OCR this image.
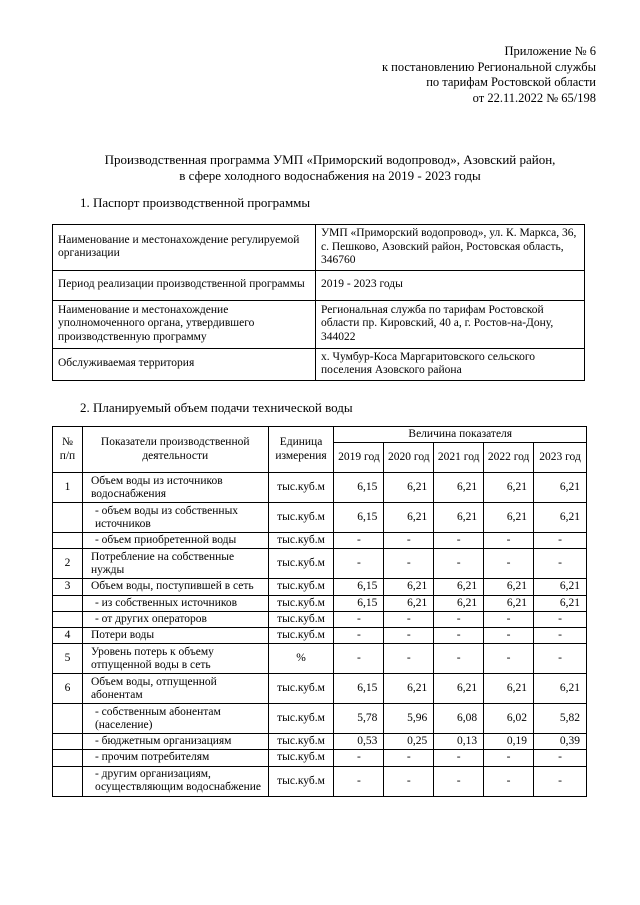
Приложение № 6
к постановлению Региональной службы
по тарифам Ростовской области
от 22.11.2022 № 65/198
Производственная программа УМП «Приморский водопровод», Азовский район,
в сфере холодного водоснабжения на 2019 - 2023 годы
1. Паспорт производственной программы
Наименование и местонахождение регулируемой организации	УМП «Приморский водопровод», ул. К. Маркса, 36, с. Пешково, Азовский район, Ростовская область, 346760
Период реализации производственной программы	2019 - 2023 годы
Наименование и местонахождение уполномоченного органа, утвердившего производственную программу	Региональная служба по тарифам Ростовской области пр. Кировский, 40 а, г. Ростов-на-Дону, 344022
Обслуживаемая территория	х. Чумбур-Коса Маргаритовского сельского поселения Азовского района
2. Планируемый объем подачи технической воды
№ п/п	Показатели производственной деятельности	Единица измерения	Величина показателя				
			2019 год	2020 год	2021 год	2022 год	2023 год
1	Объем воды из источников водоснабжения	тыс.куб.м	6,15	6,21	6,21	6,21	6,21
	- объем воды из собственных источников	тыс.куб.м	6,15	6,21	6,21	6,21	6,21
	- объем приобретенной воды	тыс.куб.м	-	-	-	-	-
2	Потребление на собственные нужды	тыс.куб.м	-	-	-	-	-
3	Объем воды, поступившей в сеть	тыс.куб.м	6,15	6,21	6,21	6,21	6,21
	- из собственных источников	тыс.куб.м	6,15	6,21	6,21	6,21	6,21
	- от других операторов	тыс.куб.м	-	-	-	-	-
4	Потери воды	тыс.куб.м	-	-	-	-	-
5	Уровень потерь к объему отпущенной воды в сеть	%	-	-	-	-	-
6	Объем воды, отпущенной абонентам	тыс.куб.м	6,15	6,21	6,21	6,21	6,21
	- собственным абонентам (население)	тыс.куб.м	5,78	5,96	6,08	6,02	5,82
	- бюджетным организациям	тыс.куб.м	0,53	0,25	0,13	0,19	0,39
	- прочим потребителям	тыс.куб.м	-	-	-	-	-
	- другим организациям, осуществляющим водоснабжение	тыс.куб.м	-	-	-	-	-
